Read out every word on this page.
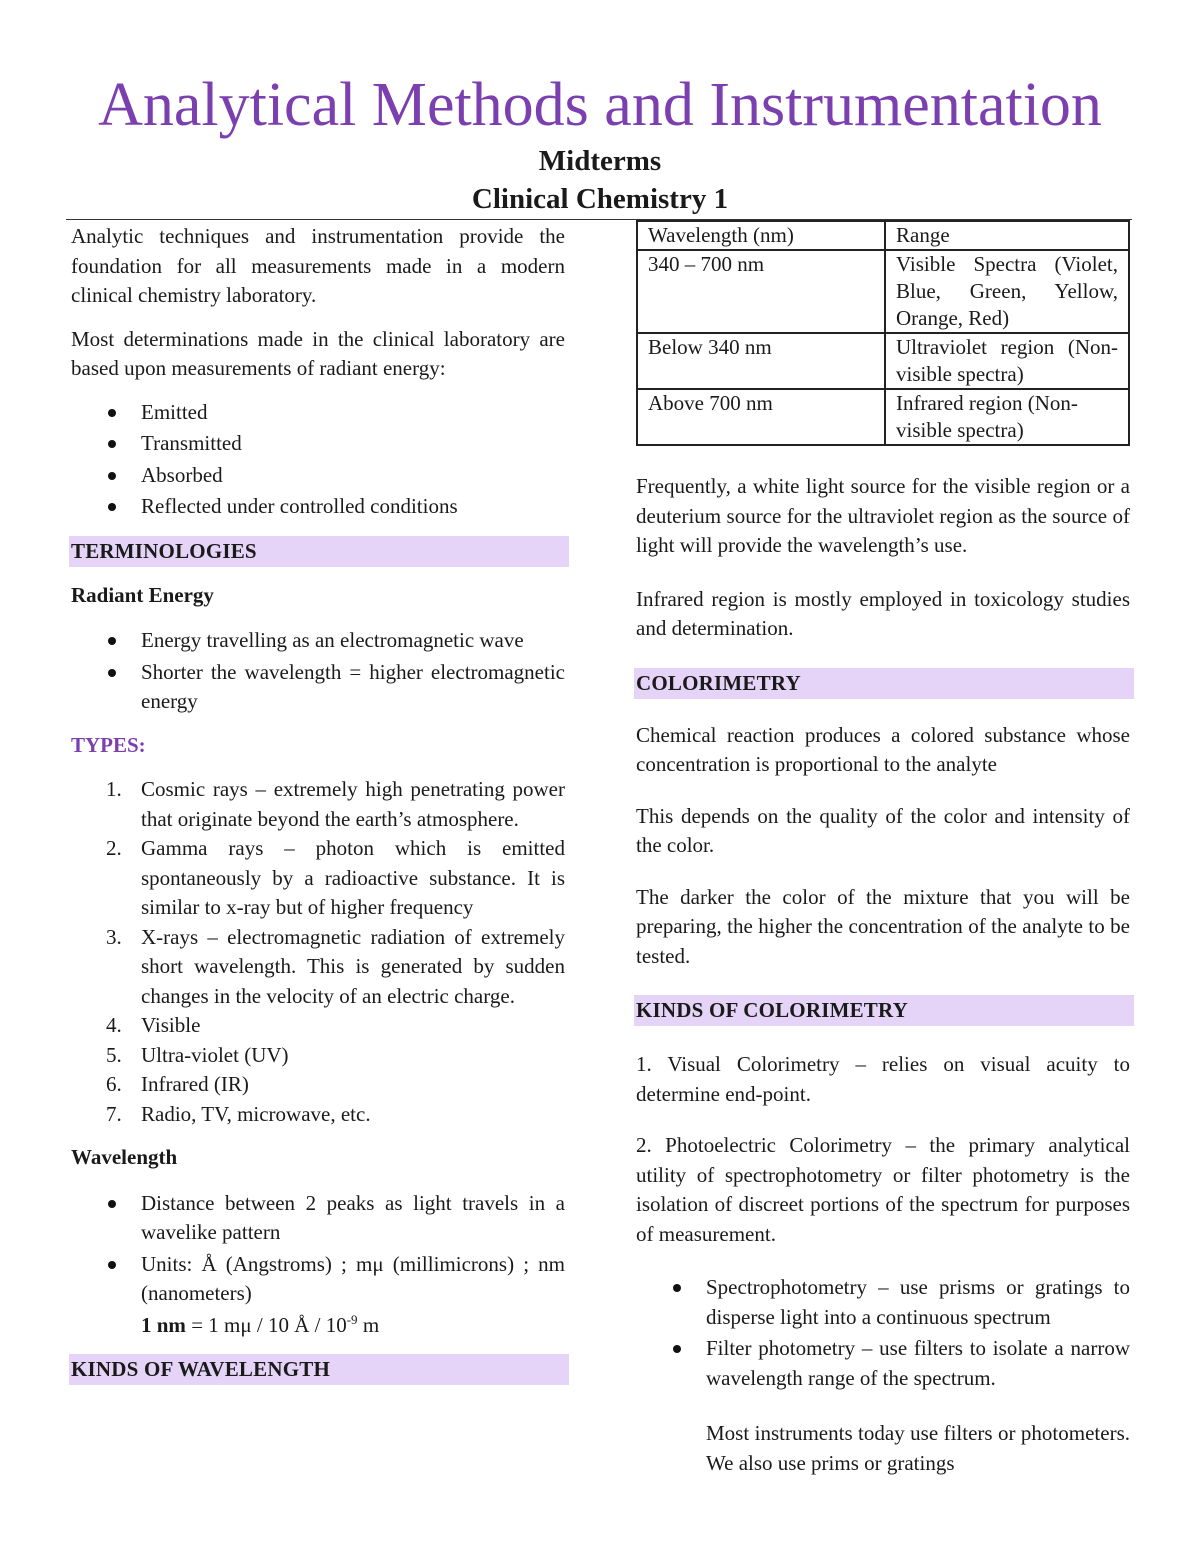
Analytical Methods and Instrumentation
Midterms
Clinical Chemistry 1

Analytic techniques and instrumentation provide the foundation for all measurements made in a modern clinical chemistry laboratory.

Most determinations made in the clinical laboratory are based upon measurements of radiant energy:

Emitted
Transmitted
Absorbed
Reflected under controlled conditions
TERMINOLOGIES

Radiant Energy

Energy travelling as an electromagnetic wave
Shorter the wavelength = higher electromagnetic energy

TYPES:

1. Cosmic rays – extremely high penetrating power that originate beyond the earth’s atmosphere.
2. Gamma rays – photon which is emitted spontaneously by a radioactive substance. It is similar to x-ray but of higher frequency
3. X-rays – electromagnetic radiation of extremely short wavelength. This is generated by sudden changes in the velocity of an electric charge.
4. Visible
5. Ultra-violet (UV)
6. Infrared (IR)
7. Radio, TV, microwave, etc.

Wavelength

Distance between 2 peaks as light travels in a wavelike pattern
Units: Å (Angstroms) ; mμ (millimicrons) ; nm (nanometers)
1 nm = 1 mμ / 10 Å / $10^{-9}$ m
KINDS OF WAVELENGTH
Wavelength (nm)	Range
340 – 700 nm	Visible Spectra (Violet, Blue, Green, Yellow, Orange, Red)
Below 340 nm	Ultraviolet region (Non-visible spectra)
Above 700 nm	Infrared region (Non-visible spectra)

Frequently, a white light source for the visible region or a deuterium source for the ultraviolet region as the source of light will provide the wavelength’s use.

Infrared region is mostly employed in toxicology studies and determination.

COLORIMETRY

Chemical reaction produces a colored substance whose concentration is proportional to the analyte

This depends on the quality of the color and intensity of the color.

The darker the color of the mixture that you will be preparing, the higher the concentration of the analyte to be tested.

KINDS OF COLORIMETRY

1. Visual Colorimetry – relies on visual acuity to determine end-point.

2. Photoelectric Colorimetry – the primary analytical utility of spectrophotometry or filter photometry is the isolation of discreet portions of the spectrum for purposes of measurement.

Spectrophotometry – use prisms or gratings to disperse light into a continuous spectrum
Filter photometry – use filters to isolate a narrow wavelength range of the spectrum.

Most instruments today use filters or photometers. We also use prims or gratings
